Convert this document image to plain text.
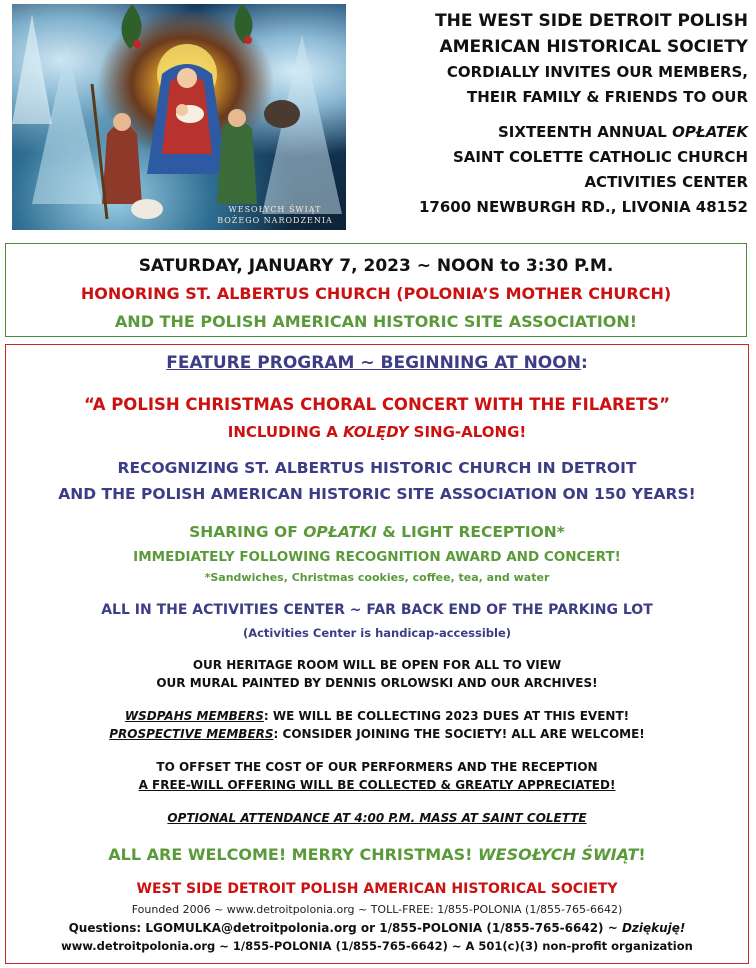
WESOŁYCH ŚWIĄT
BOŻEGO NARODZENIA
THE WEST SIDE DETROIT POLISH
AMERICAN HISTORICAL SOCIETY
CORDIALLY INVITES OUR MEMBERS,
THEIR FAMILY & FRIENDS TO OUR
SIXTEENTH ANNUAL OPŁATEK
SAINT COLETTE CATHOLIC CHURCH
ACTIVITIES CENTER
17600 NEWBURGH RD., LIVONIA 48152
SATURDAY, JANUARY 7, 2023 ~ NOON to 3:30 P.M.
HONORING ST. ALBERTUS CHURCH (POLONIA’S MOTHER CHURCH)
AND THE POLISH AMERICAN HISTORIC SITE ASSOCIATION!
FEATURE PROGRAM ~ BEGINNING AT NOON:
“A POLISH CHRISTMAS CHORAL CONCERT WITH THE FILARETS”
INCLUDING A KOLĘDY SING-ALONG!
RECOGNIZING ST. ALBERTUS HISTORIC CHURCH IN DETROIT
AND THE POLISH AMERICAN HISTORIC SITE ASSOCIATION ON 150 YEARS!
SHARING OF OPŁATKI & LIGHT RECEPTION*
IMMEDIATELY FOLLOWING RECOGNITION AWARD AND CONCERT!
*Sandwiches, Christmas cookies, coffee, tea, and water
ALL IN THE ACTIVITIES CENTER ~ FAR BACK END OF THE PARKING LOT
(Activities Center is handicap-accessible)
OUR HERITAGE ROOM WILL BE OPEN FOR ALL TO VIEW
OUR MURAL PAINTED BY DENNIS ORLOWSKI AND OUR ARCHIVES!
WSDPAHS MEMBERS: WE WILL BE COLLECTING 2023 DUES AT THIS EVENT!
PROSPECTIVE MEMBERS: CONSIDER JOINING THE SOCIETY! ALL ARE WELCOME!
TO OFFSET THE COST OF OUR PERFORMERS AND THE RECEPTION
A FREE-WILL OFFERING WILL BE COLLECTED & GREATLY APPRECIATED!
OPTIONAL ATTENDANCE AT 4:00 P.M. MASS AT SAINT COLETTE
ALL ARE WELCOME! MERRY CHRISTMAS! WESOŁYCH ŚWIĄT!
WEST SIDE DETROIT POLISH AMERICAN HISTORICAL SOCIETY
Founded 2006 ~ www.detroitpolonia.org ~ TOLL-FREE: 1/855-POLONIA (1/855-765-6642)
Questions: LGOMULKA@detroitpolonia.org or 1/855-POLONIA (1/855-765-6642) ~ Dziękuję!
www.detroitpolonia.org ~ 1/855-POLONIA (1/855-765-6642) ~ A 501(c)(3) non-profit organization
